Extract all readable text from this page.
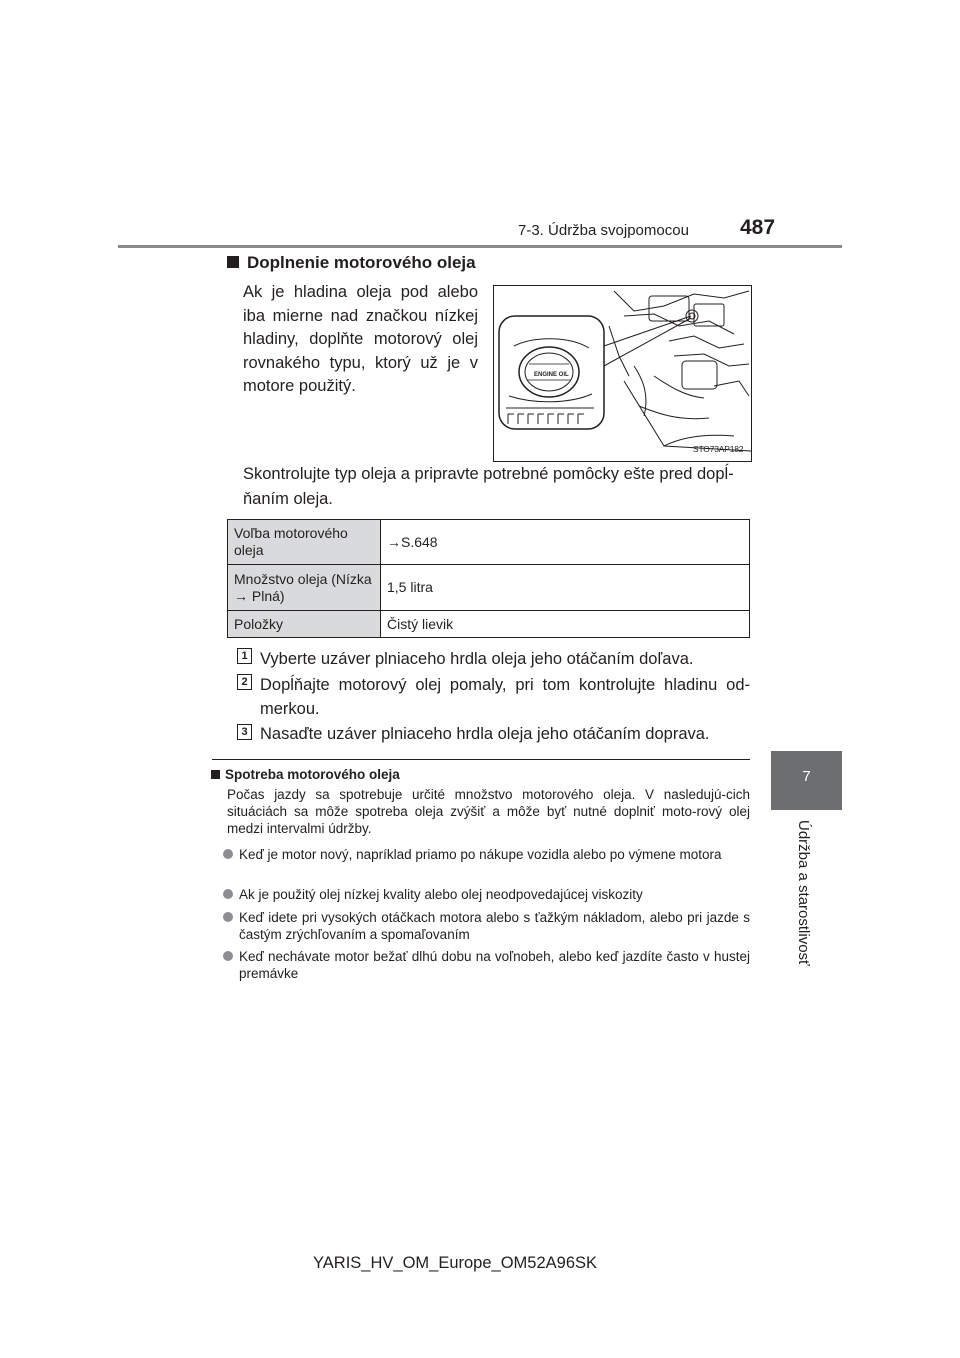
7-3. Údržba svojpomocou 487
7
Údržba a starostlivosť
Doplnenie motorového oleja
Ak je hladina oleja pod alebo iba mierne nad značkou nízkej hladiny, doplňte motorový olej rovnakého typu, ktorý už je v motore použitý.
ENGINE OIL
STO73AP182
Skontrolujte typ oleja a pripravte potrebné pomôcky ešte pred dopĺ-ňaním oleja.
Voľba motorového oleja	→S.648
Množstvo oleja (Nízka → Plná)	1,5 litra
Položky	Čistý lievik
1 Vyberte uzáver plniaceho hrdla oleja jeho otáčaním doľava.
2 Dopĺňajte motorový olej pomaly, pri tom kontrolujte hladinu od-merkou.
3 Nasaďte uzáver plniaceho hrdla oleja jeho otáčaním doprava.
Spotreba motorového oleja
Počas jazdy sa spotrebuje určité množstvo motorového oleja. V nasledujú-cich situáciách sa môže spotreba oleja zvýšiť a môže byť nutné doplniť moto-rový olej medzi intervalmi údržby.
Keď je motor nový, napríklad priamo po nákupe vozidla alebo po výmene motora
Ak je použitý olej nízkej kvality alebo olej neodpovedajúcej viskozity
Keď idete pri vysokých otáčkach motora alebo s ťažkým nákladom, alebo pri jazde s častým zrýchľovaním a spomaľovaním
Keď nechávate motor bežať dlhú dobu na voľnobeh, alebo keď jazdíte často v hustej premávke
YARIS_HV_OM_Europe_OM52A96SK
